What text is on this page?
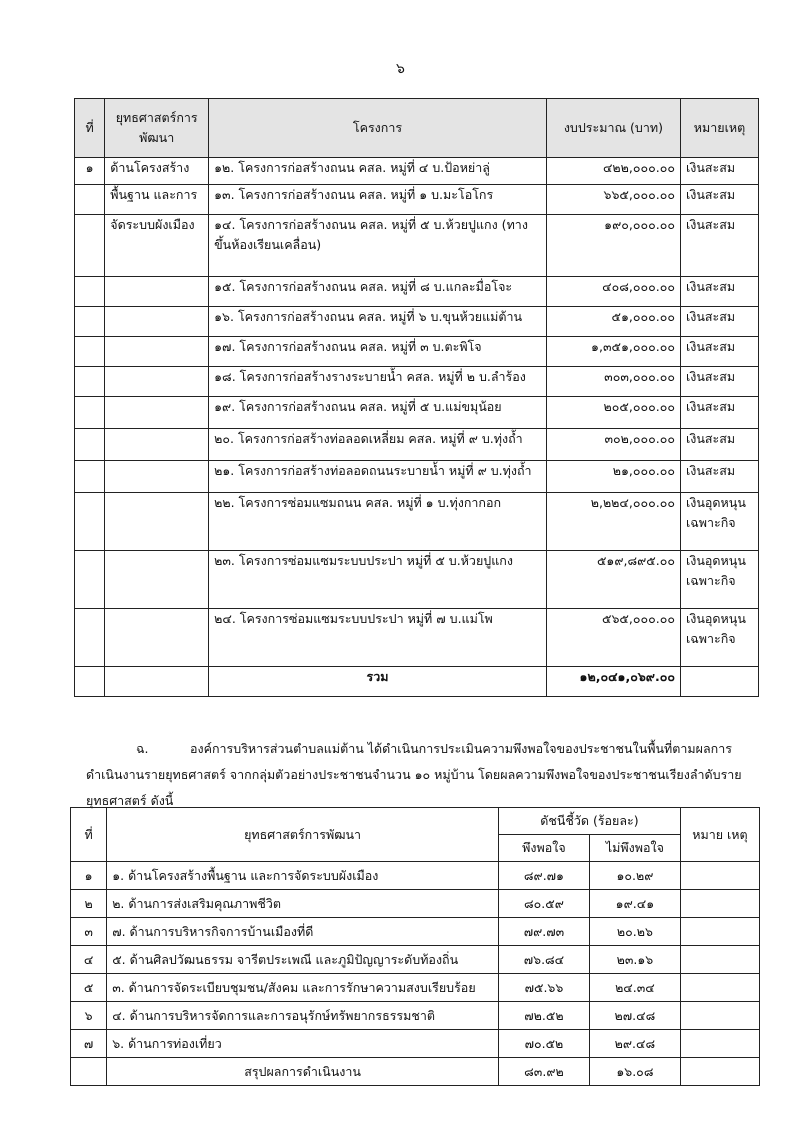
๖
ที่	ยุทธศาสตร์การพัฒนา	โครงการ	งบประมาณ (บาท)	หมายเหตุ
๑	ด้านโครงสร้าง	๑๒. โครงการก่อสร้างถนน คสล. หมู่ที่ ๔ บ.ป้อหย่าลู่	๔๒๒,๐๐๐.๐๐	เงินสะสม
	พื้นฐาน และการ	๑๓. โครงการก่อสร้างถนน คสล. หมู่ที่ ๑ บ.มะโอโกร	๖๖๕,๐๐๐.๐๐	เงินสะสม
	จัดระบบผังเมือง	๑๔. โครงการก่อสร้างถนน คสล. หมู่ที่ ๕ บ.ห้วยปูแกง (ทางขึ้นห้องเรียนเคลื่อน)	๑๙๐,๐๐๐.๐๐	เงินสะสม
		๑๕. โครงการก่อสร้างถนน คสล. หมู่ที่ ๘ บ.แกละมื่อโจะ	๔๐๘,๐๐๐.๐๐	เงินสะสม
		๑๖. โครงการก่อสร้างถนน คสล. หมู่ที่ ๖ บ.ขุนห้วยแม่ต้าน	๕๑,๐๐๐.๐๐	เงินสะสม
		๑๗. โครงการก่อสร้างถนน คสล. หมู่ที่ ๓ บ.ตะพิโจ	๑,๓๕๑,๐๐๐.๐๐	เงินสะสม
		๑๘. โครงการก่อสร้างรางระบายน้ำ คสล. หมู่ที่ ๒ บ.ลำร้อง	๓๐๓,๐๐๐.๐๐	เงินสะสม
		๑๙. โครงการก่อสร้างถนน คสล. หมู่ที่ ๕ บ.แม่ขมุน้อย	๒๐๕,๐๐๐.๐๐	เงินสะสม
		๒๐. โครงการก่อสร้างท่อลอดเหลี่ยม คสล. หมู่ที่ ๙ บ.ทุ่งถ้ำ	๓๐๒,๐๐๐.๐๐	เงินสะสม
		๒๑. โครงการก่อสร้างท่อลอดถนนระบายน้ำ หมู่ที่ ๙ บ.ทุ่งถ้ำ	๒๑,๐๐๐.๐๐	เงินสะสม
		๒๒. โครงการซ่อมแซมถนน คสล. หมู่ที่ ๑ บ.ทุ่งกากอก	๒,๒๒๔,๐๐๐.๐๐	เงินอุดหนุน เฉพาะกิจ
		๒๓. โครงการซ่อมแซมระบบประปา หมู่ที่ ๕ บ.ห้วยปูแกง	๕๑๙,๘๙๕.๐๐	เงินอุดหนุน เฉพาะกิจ
		๒๔. โครงการซ่อมแซมระบบประปา หมู่ที่ ๗ บ.แม่โพ	๕๖๕,๐๐๐.๐๐	เงินอุดหนุน เฉพาะกิจ
		รวม	๑๒,๐๔๑,๐๖๙.๐๐	
ฉ.	องค์การบริหารส่วนตำบลแม่ต้าน ได้ดำเนินการประเมินความพึงพอใจของประชาชนในพื้นที่ตามผลการดำเนินงานรายยุทธศาสตร์ จากกลุ่มตัวอย่างประชาชนจำนวน ๑๐ หมู่บ้าน โดยผลความพึงพอใจของประชาชนเรียงลำดับรายยุทธศาสตร์ ดังนี้
ที่	ยุทธศาสตร์การพัฒนา	ดัชนีชี้วัด (ร้อยละ)		หมาย เหตุ
		พึงพอใจ	ไม่พึงพอใจ	
๑	๑. ด้านโครงสร้างพื้นฐาน และการจัดระบบผังเมือง	๘๙.๗๑	๑๐.๒๙	
๒	๒. ด้านการส่งเสริมคุณภาพชีวิต	๘๐.๕๙	๑๙.๔๑	
๓	๗. ด้านการบริหารกิจการบ้านเมืองที่ดี	๗๙.๗๓	๒๐.๒๖	
๔	๕. ด้านศิลปวัฒนธรรม จารีตประเพณี และภูมิปัญญาระดับท้องถิ่น	๗๖.๘๔	๒๓.๑๖	
๕	๓. ด้านการจัดระเบียบชุมชน/สังคม และการรักษาความสงบเรียบร้อย	๗๕.๖๖	๒๔.๓๔	
๖	๔. ด้านการบริหารจัดการและการอนุรักษ์ทรัพยากรธรรมชาติ	๗๒.๕๒	๒๗.๔๘	
๗	๖. ด้านการท่องเที่ยว	๗๐.๕๒	๒๙.๔๘	
	สรุปผลการดำเนินงาน	๘๓.๙๒	๑๖.๐๘	
